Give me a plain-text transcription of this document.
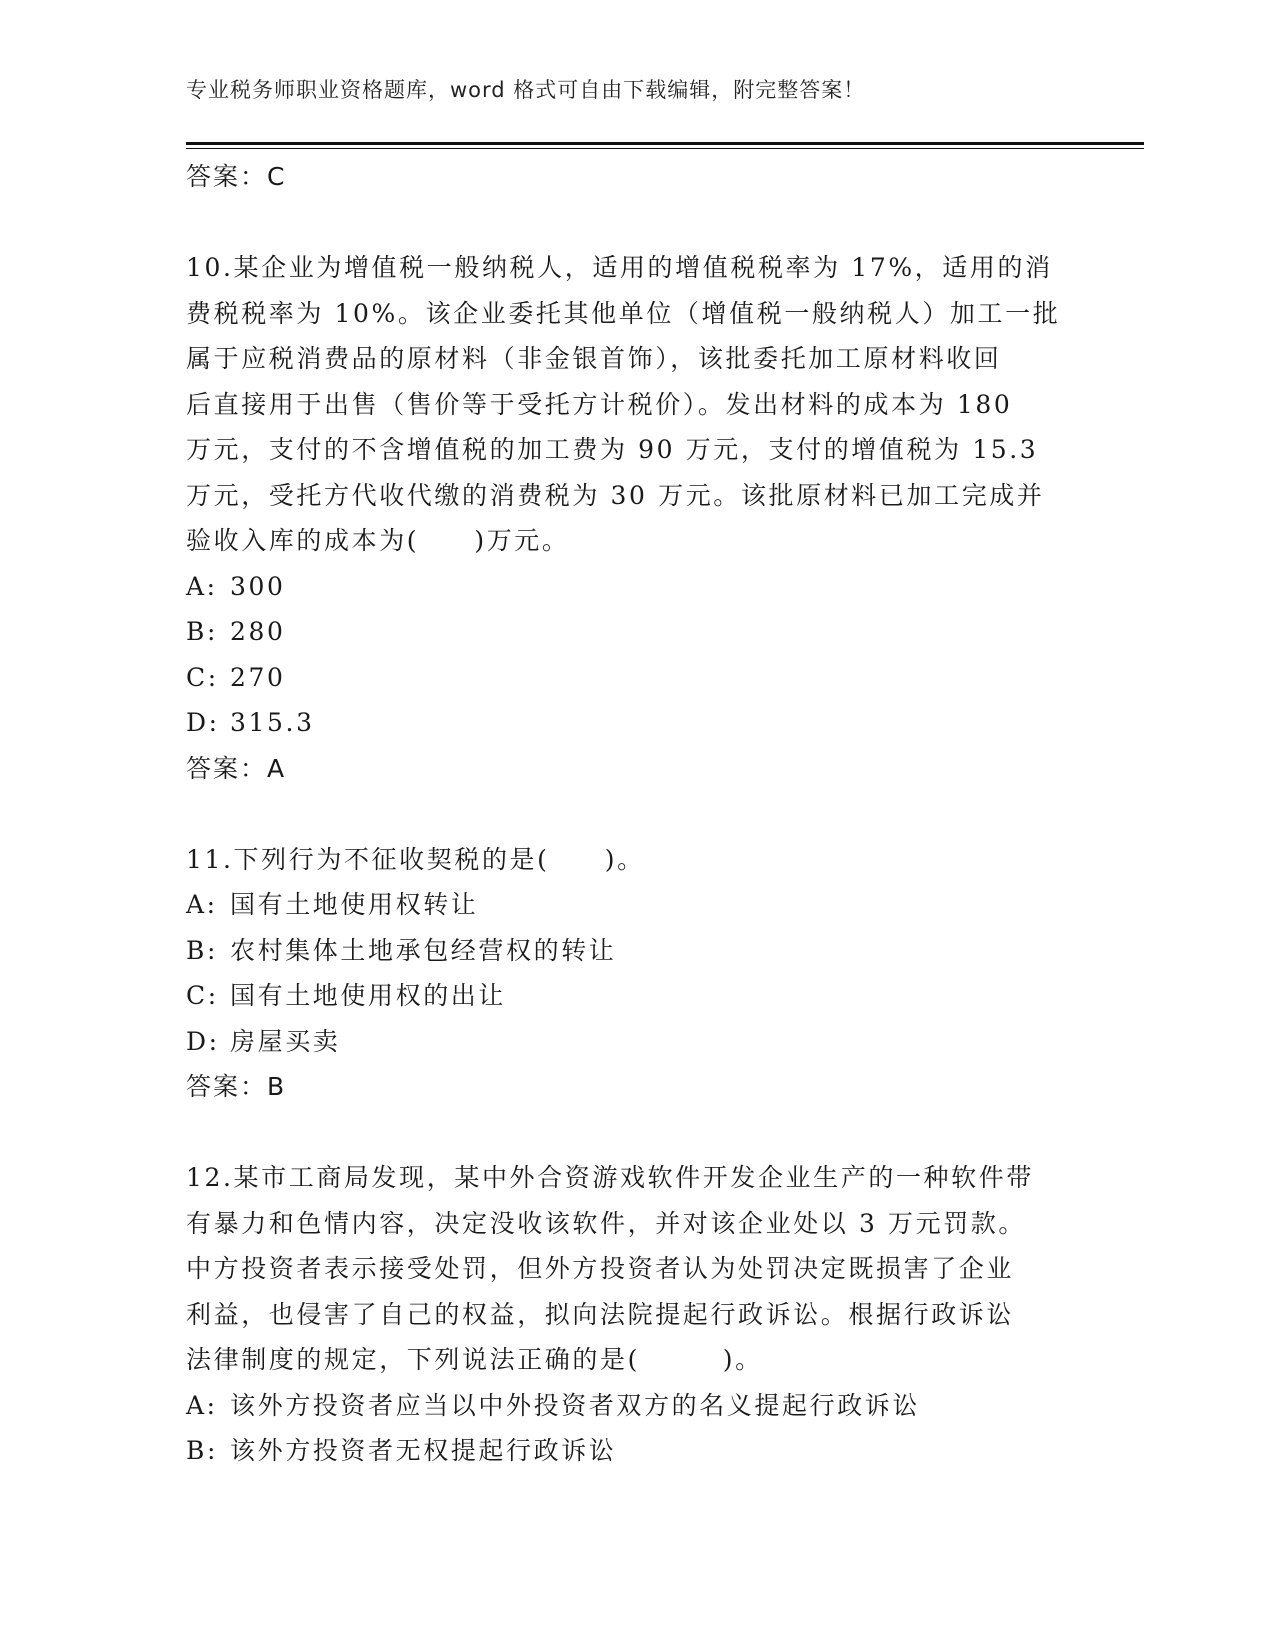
专业税务师职业资格题库，word 格式可自由下载编辑，附完整答案！
答案：C
10.某企业为增值税一般纳税人，适用的增值税税率为 17%，适用的消
费税税率为 10%。该企业委托其他单位（增值税一般纳税人）加工一批
属于应税消费品的原材料（非金银首饰），该批委托加工原材料收回
后直接用于出售（售价等于受托方计税价）。发出材料的成本为 180
万元，支付的不含增值税的加工费为 90 万元，支付的增值税为 15.3
万元，受托方代收代缴的消费税为 30 万元。该批原材料已加工完成并
验收入库的成本为(　　)万元。
A: 300
B: 280
C: 270
D: 315.3
答案：A
11.下列行为不征收契税的是(　　)。
A: 国有土地使用权转让
B: 农村集体土地承包经营权的转让
C: 国有土地使用权的出让
D: 房屋买卖
答案：B
12.某市工商局发现，某中外合资游戏软件开发企业生产的一种软件带
有暴力和色情内容，决定没收该软件，并对该企业处以 3 万元罚款。
中方投资者表示接受处罚，但外方投资者认为处罚决定既损害了企业
利益，也侵害了自己的权益，拟向法院提起行政诉讼。根据行政诉讼
法律制度的规定，下列说法正确的是(　　　)。
A: 该外方投资者应当以中外投资者双方的名义提起行政诉讼
B: 该外方投资者无权提起行政诉讼
